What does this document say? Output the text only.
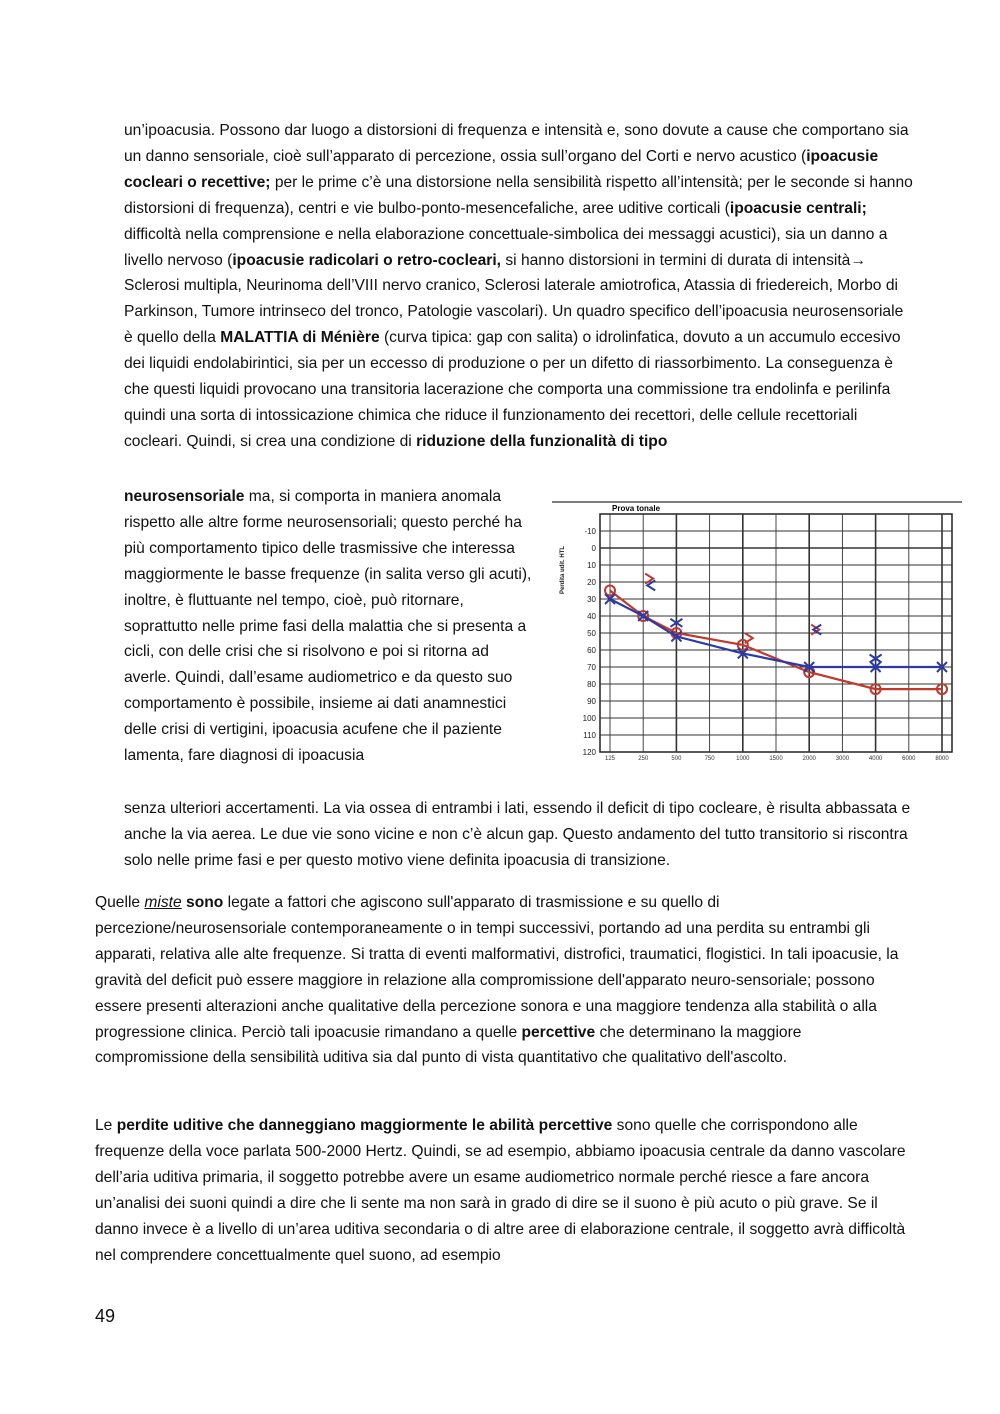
un’ipoacusia. Possono dar luogo a distorsioni di frequenza e intensità e, sono dovute a cause che comportano sia un danno sensoriale, cioè sull’apparato di percezione, ossia sull’organo del Corti e nervo acustico (ipoacusie cocleari o recettive; per le prime c’è una distorsione nella sensibilità rispetto all’intensità; per le seconde si hanno distorsioni di frequenza), centri e vie bulbo-ponto-mesencefaliche, aree uditive corticali (ipoacusie centrali; difficoltà nella comprensione e nella elaborazione concettuale-simbolica dei messaggi acustici), sia un danno a livello nervoso (ipoacusie radicolari o retro-cocleari, si hanno distorsioni in termini di durata di intensità→ Sclerosi multipla, Neurinoma dell’VIII nervo cranico, Sclerosi laterale amiotrofica, Atassia di friedereich, Morbo di Parkinson, Tumore intrinseco del tronco, Patologie vascolari). Un quadro specifico dell’ipoacusia neurosensoriale è quello della MALATTIA di Ménière (curva tipica: gap con salita) o idrolinfatica, dovuto a un accumulo eccesivo dei liquidi endolabirintici, sia per un eccesso di produzione o per un difetto di riassorbimento. La conseguenza è che questi liquidi provocano una transitoria lacerazione che comporta una commissione tra endolinfa e perilinfa quindi una sorta di intossicazione chimica che riduce il funzionamento dei recettori, delle cellule recettoriali cocleari. Quindi, si crea una condizione di riduzione della funzionalità di tipo

neurosensoriale ma, si comporta in maniera anomala rispetto alle altre forme neurosensoriali; questo perché ha più comportamento tipico delle trasmissive che interessa maggiormente le basse frequenze (in salita verso gli acuti), inoltre, è fluttuante nel tempo, cioè, può ritornare, soprattutto nelle prime fasi della malattia che si presenta a cicli, con delle crisi che si risolvono e poi si ritorna ad averle. Quindi, dall’esame audiometrico e da questo suo comportamento è possibile, insieme ai dati anamnestici delle crisi di vertigini, ipoacusia acufene che il paziente lamenta, fare diagnosi di ipoacusia

Prova tonale
-10
0
10
20
30
40
50
60
70
80
90
100
110
120
125	250	500	750	1000	1500	2000	3000	4000	6000	8000
Perdita udit. HTL

senza ulteriori accertamenti. La via ossea di entrambi i lati, essendo il deficit di tipo cocleare, è risulta abbassata e anche la via aerea. Le due vie sono vicine e non c’è alcun gap. Questo andamento del tutto transitorio si riscontra solo nelle prime fasi e per questo motivo viene definita ipoacusia di transizione.

Quelle miste sono legate a fattori che agiscono sull'apparato di trasmissione e su quello di percezione/neurosensoriale contemporaneamente o in tempi successivi, portando ad una perdita su entrambi gli apparati, relativa alle alte frequenze. Si tratta di eventi malformativi, distrofici, traumatici, flogistici. In tali ipoacusie, la gravità del deficit può essere maggiore in relazione alla compromissione dell'apparato neuro-sensoriale; possono essere presenti alterazioni anche qualitative della percezione sonora e una maggiore tendenza alla stabilità o alla progressione clinica. Perciò tali ipoacusie rimandano a quelle percettive che determinano la maggiore compromissione della sensibilità uditiva sia dal punto di vista quantitativo che qualitativo dell'ascolto.

Le perdite uditive che danneggiano maggiormente le abilità percettive sono quelle che corrispondono alle frequenze della voce parlata 500-2000 Hertz. Quindi, se ad esempio, abbiamo ipoacusia centrale da danno vascolare dell’aria uditiva primaria, il soggetto potrebbe avere un esame audiometrico normale perché riesce a fare ancora un’analisi dei suoni quindi a dire che li sente ma non sarà in grado di dire se il suono è più acuto o più grave. Se il danno invece è a livello di un’area uditiva secondaria o di altre aree di elaborazione centrale, il soggetto avrà difficoltà nel comprendere concettualmente quel suono, ad esempio

49
